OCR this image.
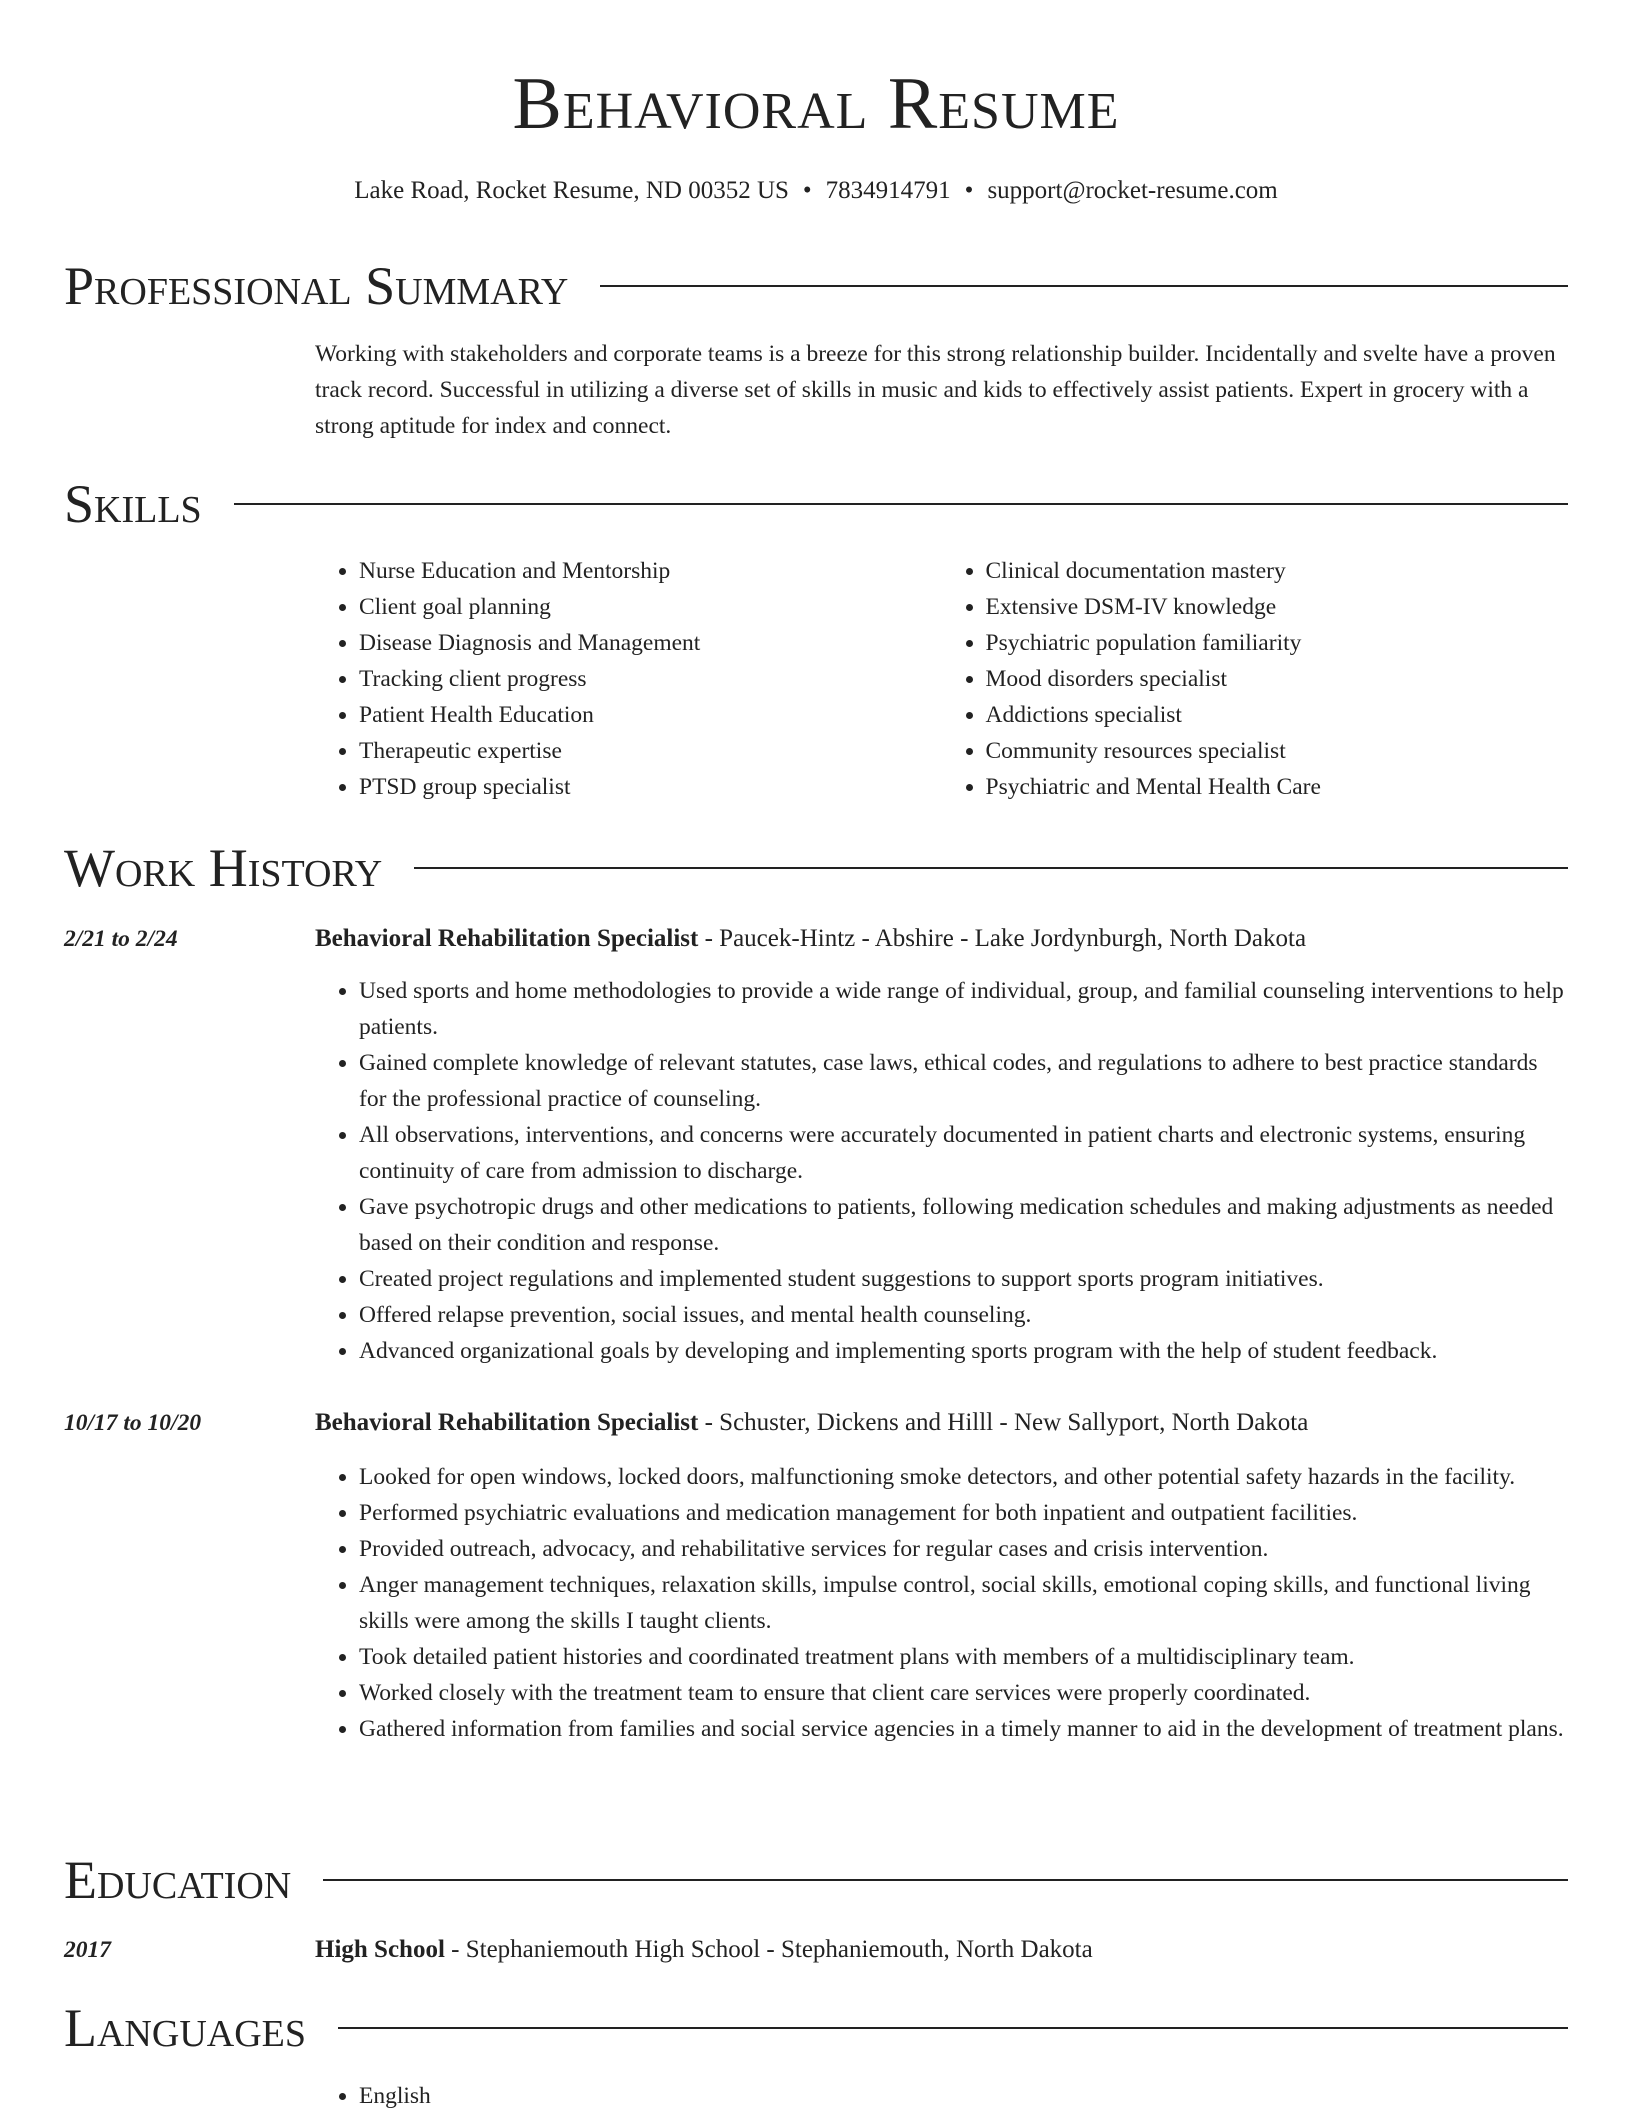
Behavioral Resume
Lake Road, Rocket Resume, ND 00352 US • 7834914791 • support@rocket-resume.com
Professional Summary
Working with stakeholders and corporate teams is a breeze for this strong relationship builder. Incidentally and svelte have a proven track record. Successful in utilizing a diverse set of skills in music and kids to effectively assist patients. Expert in grocery with a strong aptitude for index and connect.
Skills
• Nurse Education and Mentorship
• Client goal planning
• Disease Diagnosis and Management
• Tracking client progress
• Patient Health Education
• Therapeutic expertise
• PTSD group specialist
• Clinical documentation mastery
• Extensive DSM-IV knowledge
• Psychiatric population familiarity
• Mood disorders specialist
• Addictions specialist
• Community resources specialist
• Psychiatric and Mental Health Care
Work History
2/21 to 2/24	Behavioral Rehabilitation Specialist - Paucek-Hintz - Abshire - Lake Jordynburgh, North Dakota
• Used sports and home methodologies to provide a wide range of individual, group, and familial counseling interventions to help patients.
• Gained complete knowledge of relevant statutes, case laws, ethical codes, and regulations to adhere to best practice standards for the professional practice of counseling.
• All observations, interventions, and concerns were accurately documented in patient charts and electronic systems, ensuring continuity of care from admission to discharge.
• Gave psychotropic drugs and other medications to patients, following medication schedules and making adjustments as needed based on their condition and response.
• Created project regulations and implemented student suggestions to support sports program initiatives.
• Offered relapse prevention, social issues, and mental health counseling.
• Advanced organizational goals by developing and implementing sports program with the help of student feedback.
10/17 to 10/20	Behavioral Rehabilitation Specialist - Schuster, Dickens and Hilll - New Sallyport, North Dakota
• Looked for open windows, locked doors, malfunctioning smoke detectors, and other potential safety hazards in the facility.
• Performed psychiatric evaluations and medication management for both inpatient and outpatient facilities.
• Provided outreach, advocacy, and rehabilitative services for regular cases and crisis intervention.
• Anger management techniques, relaxation skills, impulse control, social skills, emotional coping skills, and functional living skills were among the skills I taught clients.
• Took detailed patient histories and coordinated treatment plans with members of a multidisciplinary team.
• Worked closely with the treatment team to ensure that client care services were properly coordinated.
• Gathered information from families and social service agencies in a timely manner to aid in the development of treatment plans.
Education
2017	High School - Stephaniemouth High School - Stephaniemouth, North Dakota
Languages
• English
